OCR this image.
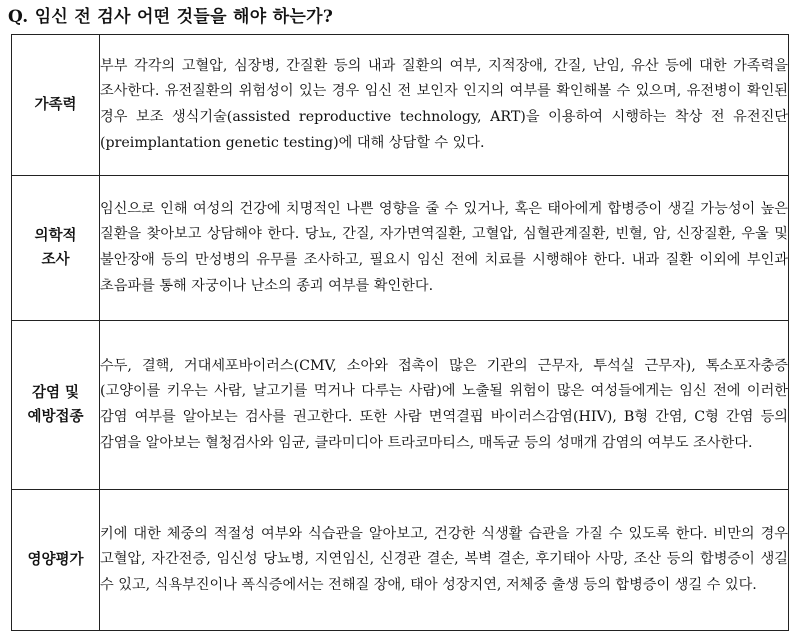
Q. 임신 전 검사 어떤 것들을 해야 하는가?
가족력	부부 각각의 고혈압, 심장병, 간질환 등의 내과 질환의 여부, 지적장애, 간질, 난임, 유산 등에 대한 가족력을 조사한다. 유전질환의 위험성이 있는 경우 임신 전 보인자 인지의 여부를 확인해볼 수 있으며, 유전병이 확인된 경우 보조 생식기술(assisted reproductive technology, ART)을 이용하여 시행하는 착상 전 유전진단(preimplantation genetic testing)에 대해 상담할 수 있다.
의학적 조사	임신으로 인해 여성의 건강에 치명적인 나쁜 영향을 줄 수 있거나, 혹은 태아에게 합병증이 생길 가능성이 높은 질환을 찾아보고 상담해야 한다. 당뇨, 간질, 자가면역질환, 고혈압, 심혈관계질환, 빈혈, 암, 신장질환, 우울 및 불안장애 등의 만성병의 유무를 조사하고, 필요시 임신 전에 치료를 시행해야 한다. 내과 질환 이외에 부인과 초음파를 통해 자궁이나 난소의 종괴 여부를 확인한다.
감염 및 예방접종	수두, 결핵, 거대세포바이러스(CMV, 소아와 접촉이 많은 기관의 근무자, 투석실 근무자), 톡소포자충증(고양이를 키우는 사람, 날고기를 먹거나 다루는 사람)에 노출될 위험이 많은 여성들에게는 임신 전에 이러한 감염 여부를 알아보는 검사를 권고한다. 또한 사람 면역결핍 바이러스감염(HIV), B형 간염, C형 간염 등의 감염을 알아보는 혈청검사와 임균, 클라미디아 트라코마티스, 매독균 등의 성매개 감염의 여부도 조사한다.
영양평가	키에 대한 체중의 적절성 여부와 식습관을 알아보고, 건강한 식생활 습관을 가질 수 있도록 한다. 비만의 경우 고혈압, 자간전증, 임신성 당뇨병, 지연임신, 신경관 결손, 복벽 결손, 후기태아 사망, 조산 등의 합병증이 생길 수 있고, 식욕부진이나 폭식증에서는 전해질 장애, 태아 성장지연, 저체중 출생 등의 합병증이 생길 수 있다.
